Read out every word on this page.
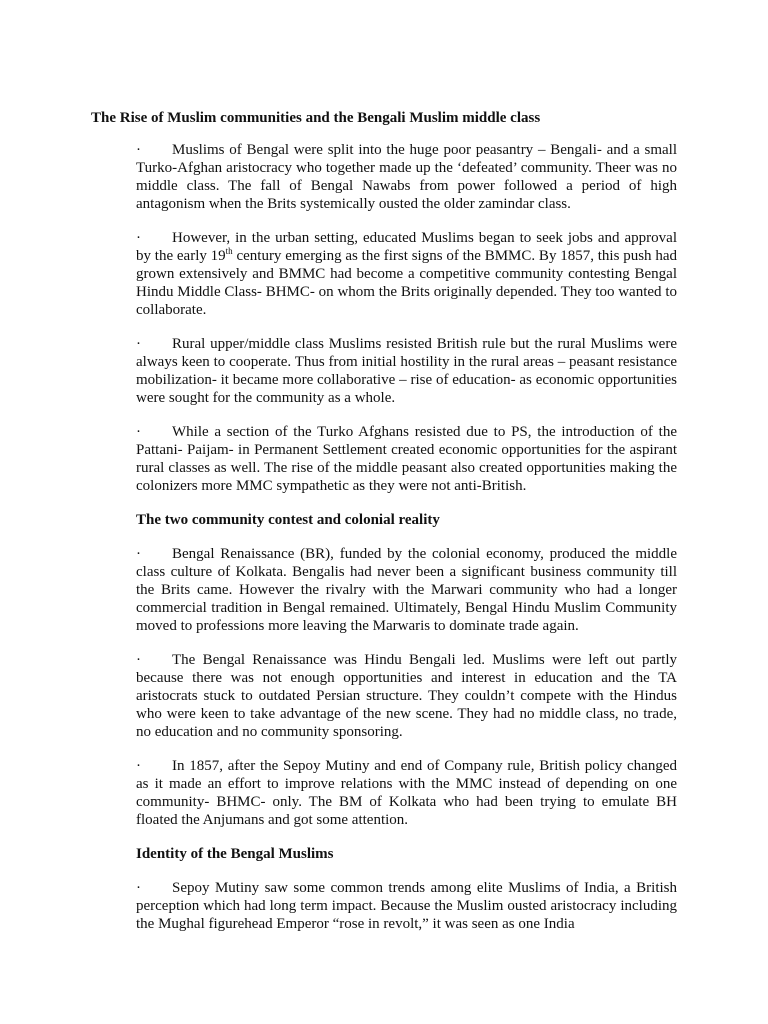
The Rise of Muslim communities and the Bengali Muslim middle class

· Muslims of Bengal were split into the huge poor peasantry – Bengali- and a small Turko-Afghan aristocracy who together made up the ‘defeated’ community. Theer was no middle class. The fall of Bengal Nawabs from power followed a period of high antagonism when the Brits systemically ousted the older zamindar class.

· However, in the urban setting, educated Muslims began to seek jobs and approval by the early 19th century emerging as the first signs of the BMMC. By 1857, this push had grown extensively and BMMC had become a competitive community contesting Bengal Hindu Middle Class- BHMC- on whom the Brits originally depended. They too wanted to collaborate.

· Rural upper/middle class Muslims resisted British rule but the rural Muslims were always keen to cooperate. Thus from initial hostility in the rural areas – peasant resistance mobilization- it became more collaborative – rise of education- as economic opportunities were sought for the community as a whole.

· While a section of the Turko Afghans resisted due to PS, the introduction of the Pattani- Paijam- in Permanent Settlement created economic opportunities for the aspirant rural classes as well. The rise of the middle peasant also created opportunities making the colonizers more MMC sympathetic as they were not anti-British.

The two community contest and colonial reality

· Bengal Renaissance (BR), funded by the colonial economy, produced the middle class culture of Kolkata. Bengalis had never been a significant business community till the Brits came. However the rivalry with the Marwari community who had a longer commercial tradition in Bengal remained. Ultimately, Bengal Hindu Muslim Community moved to professions more leaving the Marwaris to dominate trade again.

· The Bengal Renaissance was Hindu Bengali led. Muslims were left out partly because there was not enough opportunities and interest in education and the TA aristocrats stuck to outdated Persian structure. They couldn’t compete with the Hindus who were keen to take advantage of the new scene. They had no middle class, no trade, no education and no community sponsoring.

· In 1857, after the Sepoy Mutiny and end of Company rule, British policy changed as it made an effort to improve relations with the MMC instead of depending on one community- BHMC- only. The BM of Kolkata who had been trying to emulate BH floated the Anjumans and got some attention.

Identity of the Bengal Muslims

· Sepoy Mutiny saw some common trends among elite Muslims of India, a British perception which had long term impact. Because the Muslim ousted aristocracy including the Mughal figurehead Emperor “rose in revolt,” it was seen as one India
